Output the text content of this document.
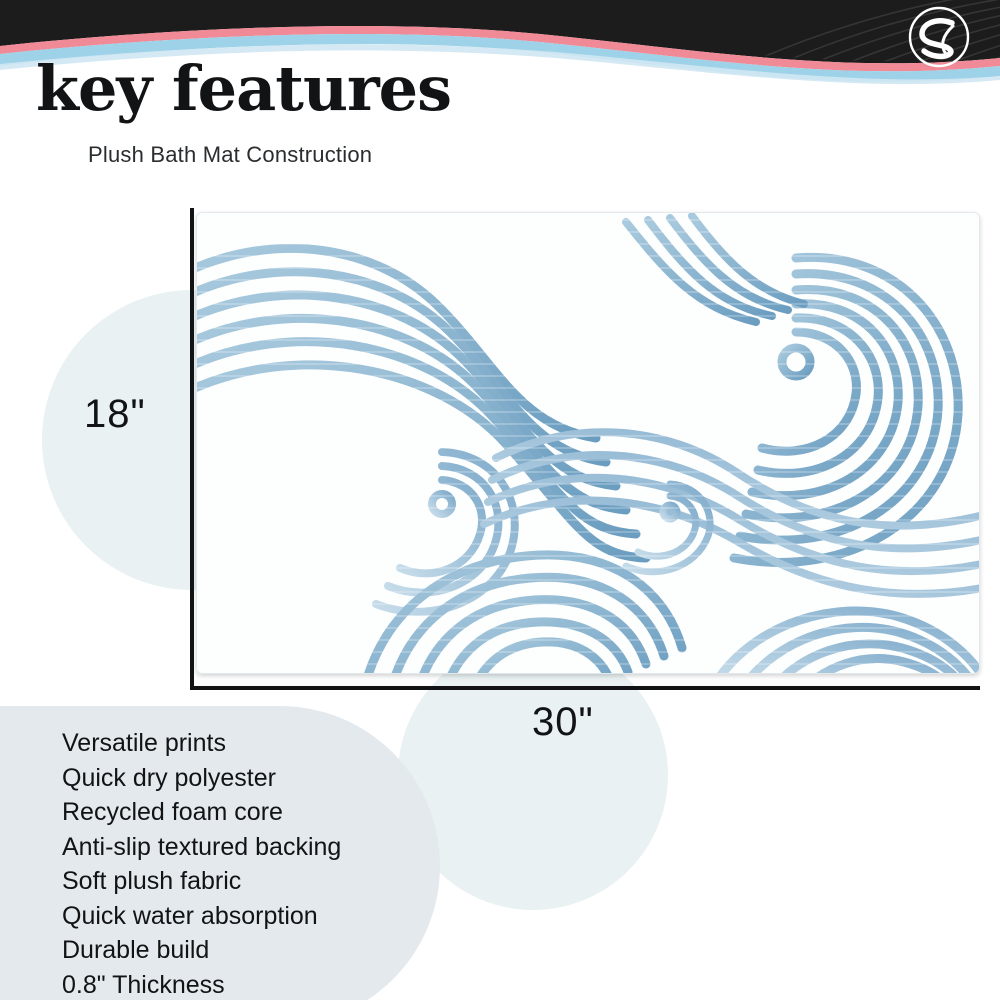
key features
Plush Bath Mat Construction
18"
30"
Versatile prints
Quick dry polyester
Recycled foam core
Anti-slip textured backing
Soft plush fabric
Quick water absorption
Durable build
0.8" Thickness
